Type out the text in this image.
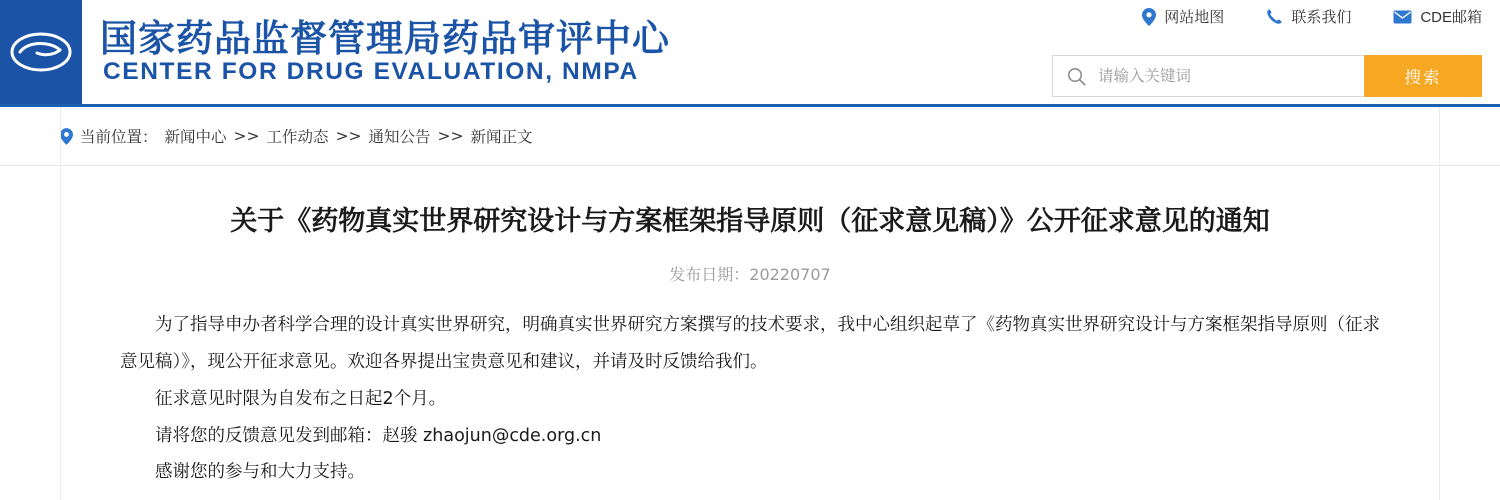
国家药品监督管理局药品审评中心
CENTER FOR DRUG EVALUATION, NMPA
网站地图	联系我们	CDE邮箱
请输入关键词
搜索
当前位置： 新闻中心 >> 工作动态 >> 通知公告 >> 新闻正文
关于《药物真实世界研究设计与方案框架指导原则（征求意见稿）》公开征求意见的通知
发布日期：20220707

为了指导申办者科学合理的设计真实世界研究，明确真实世界研究方案撰写的技术要求，我中心组织起草了《药物真实世界研究设计与方案框架指导原则（征求意见稿）》，现公开征求意见。欢迎各界提出宝贵意见和建议，并请及时反馈给我们。

征求意见时限为自发布之日起2个月。

请将您的反馈意见发到邮箱：赵骏 zhaojun@cde.org.cn

感谢您的参与和大力支持。
